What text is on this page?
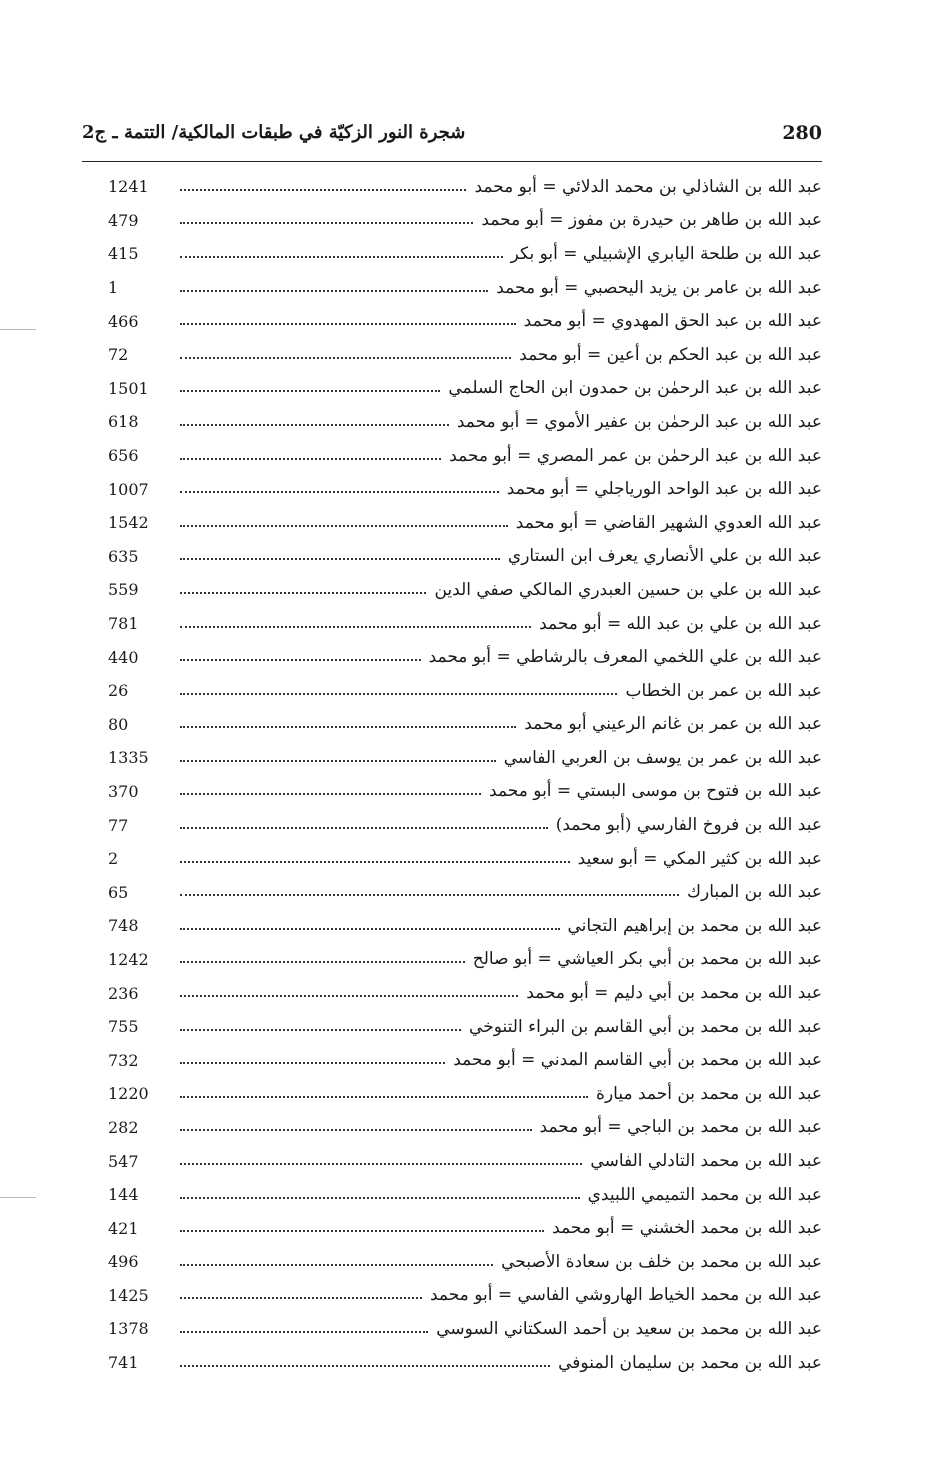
280
شجرة النور الزكيّة في طبقات المالكية/ التتمة ـ ج2
عبد الله بن الشاذلي بن محمد الدلائي = أبو محمد
1241
عبد الله بن طاهر بن حيدرة بن مفوز = أبو محمد
479
عبد الله بن طلحة اليابري الإشبيلي = أبو بكر
415
عبد الله بن عامر بن يزيد اليحصبي = أبو محمد
1
عبد الله بن عبد الحق المهدوي = أبو محمد
466
عبد الله بن عبد الحكم بن أعين = أبو محمد
72
عبد الله بن عبد الرحمٰن بن حمدون ابن الحاج السلمي
1501
عبد الله بن عبد الرحمٰن بن عفير الأموي = أبو محمد
618
عبد الله بن عبد الرحمٰن بن عمر المصري = أبو محمد
656
عبد الله بن عبد الواحد الورياجلي = أبو محمد
1007
عبد الله العدوي الشهير القاضي = أبو محمد
1542
عبد الله بن علي الأنصاري يعرف ابن الستاري
635
عبد الله بن علي بن حسين العبدري المالكي صفي الدين
559
عبد الله بن علي بن عبد الله = أبو محمد
781
عبد الله بن علي اللخمي المعرف بالرشاطي = أبو محمد
440
عبد الله بن عمر بن الخطاب
26
عبد الله بن عمر بن غانم الرعيني أبو محمد
80
عبد الله بن عمر بن يوسف بن العربي الفاسي
1335
عبد الله بن فتوح بن موسى البستي = أبو محمد
370
عبد الله بن فروخ الفارسي (أبو محمد)
77
عبد الله بن كثير المكي = أبو سعيد
2
عبد الله بن المبارك
65
عبد الله بن محمد بن إبراهيم التجاني
748
عبد الله بن محمد بن أبي بكر العياشي = أبو صالح
1242
عبد الله بن محمد بن أبي دليم = أبو محمد
236
عبد الله بن محمد بن أبي القاسم بن البراء التنوخي
755
عبد الله بن محمد بن أبي القاسم المدني = أبو محمد
732
عبد الله بن محمد بن أحمد ميارة
1220
عبد الله بن محمد بن الباجي = أبو محمد
282
عبد الله بن محمد التادلي الفاسي
547
عبد الله بن محمد التميمي اللبيدي
144
عبد الله بن محمد الخشني = أبو محمد
421
عبد الله بن محمد بن خلف بن سعادة الأصبحي
496
عبد الله بن محمد الخياط الهاروشي الفاسي = أبو محمد
1425
عبد الله بن محمد بن سعيد بن أحمد السكتاني السوسي
1378
عبد الله بن محمد بن سليمان المنوفي
741
